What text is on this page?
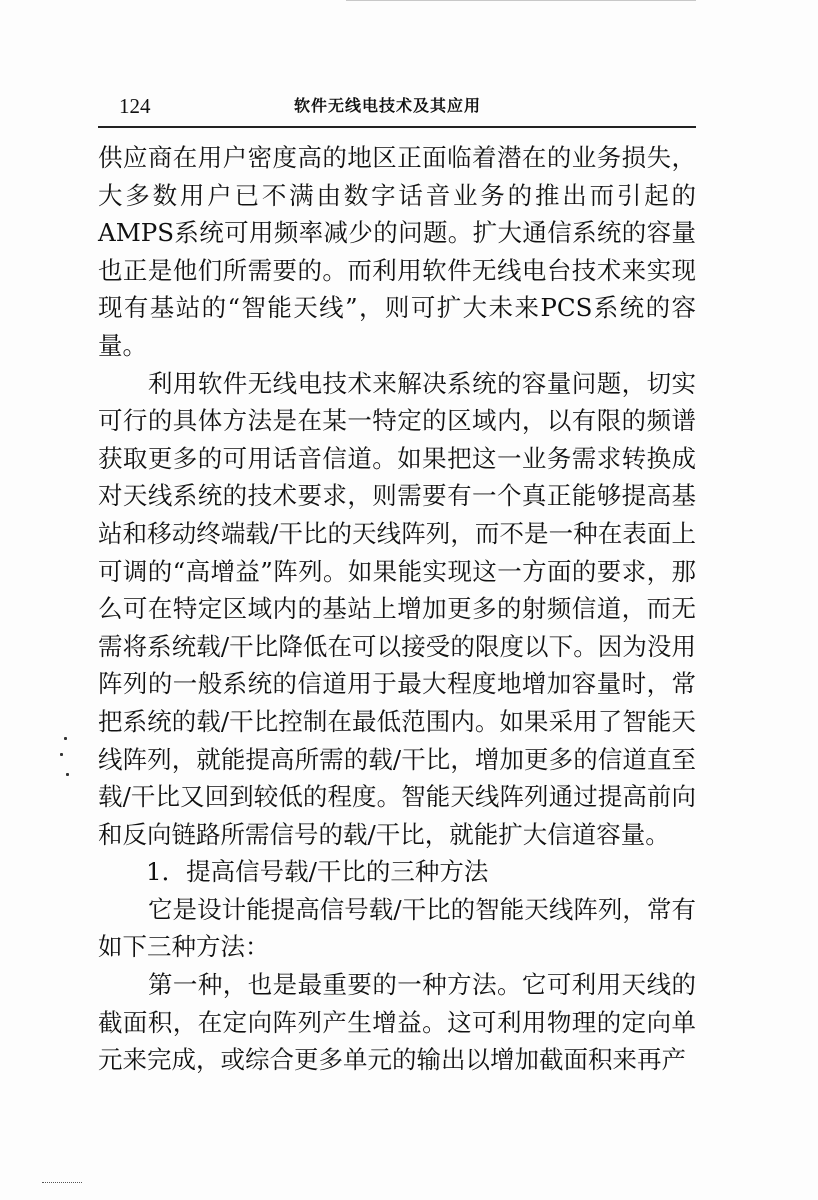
124	软件无线电技术及其应用

供应商在用户密度高的地区正面临着潜在的业务损失，大多数用户已不满由数字话音业务的推出而引起的AMPS系统可用频率减少的问题。扩大通信系统的容量也正是他们所需要的。而利用软件无线电台技术来实现现有基站的“智能天线”，则可扩大未来PCS系统的容量。

利用软件无线电技术来解决系统的容量问题，切实可行的具体方法是在某一特定的区域内，以有限的频谱获取更多的可用话音信道。如果把这一业务需求转换成对天线系统的技术要求，则需要有一个真正能够提高基站和移动终端载/干比的天线阵列，而不是一种在表面上可调的“高增益”阵列。如果能实现这一方面的要求，那么可在特定区域内的基站上增加更多的射频信道，而无需将系统载/干比降低在可以接受的限度以下。因为没用阵列的一般系统的信道用于最大程度地增加容量时，常把系统的载/干比控制在最低范围内。如果采用了智能天线阵列，就能提高所需的载/干比，增加更多的信道直至载/干比又回到较低的程度。智能天线阵列通过提高前向和反向链路所需信号的载/干比，就能扩大信道容量。

1．提高信号载/干比的三种方法

它是设计能提高信号载/干比的智能天线阵列，常有如下三种方法：

第一种，也是最重要的一种方法。它可利用天线的截面积，在定向阵列产生增益。这可利用物理的定向单元来完成，或综合更多单元的输出以增加截面积来再产
